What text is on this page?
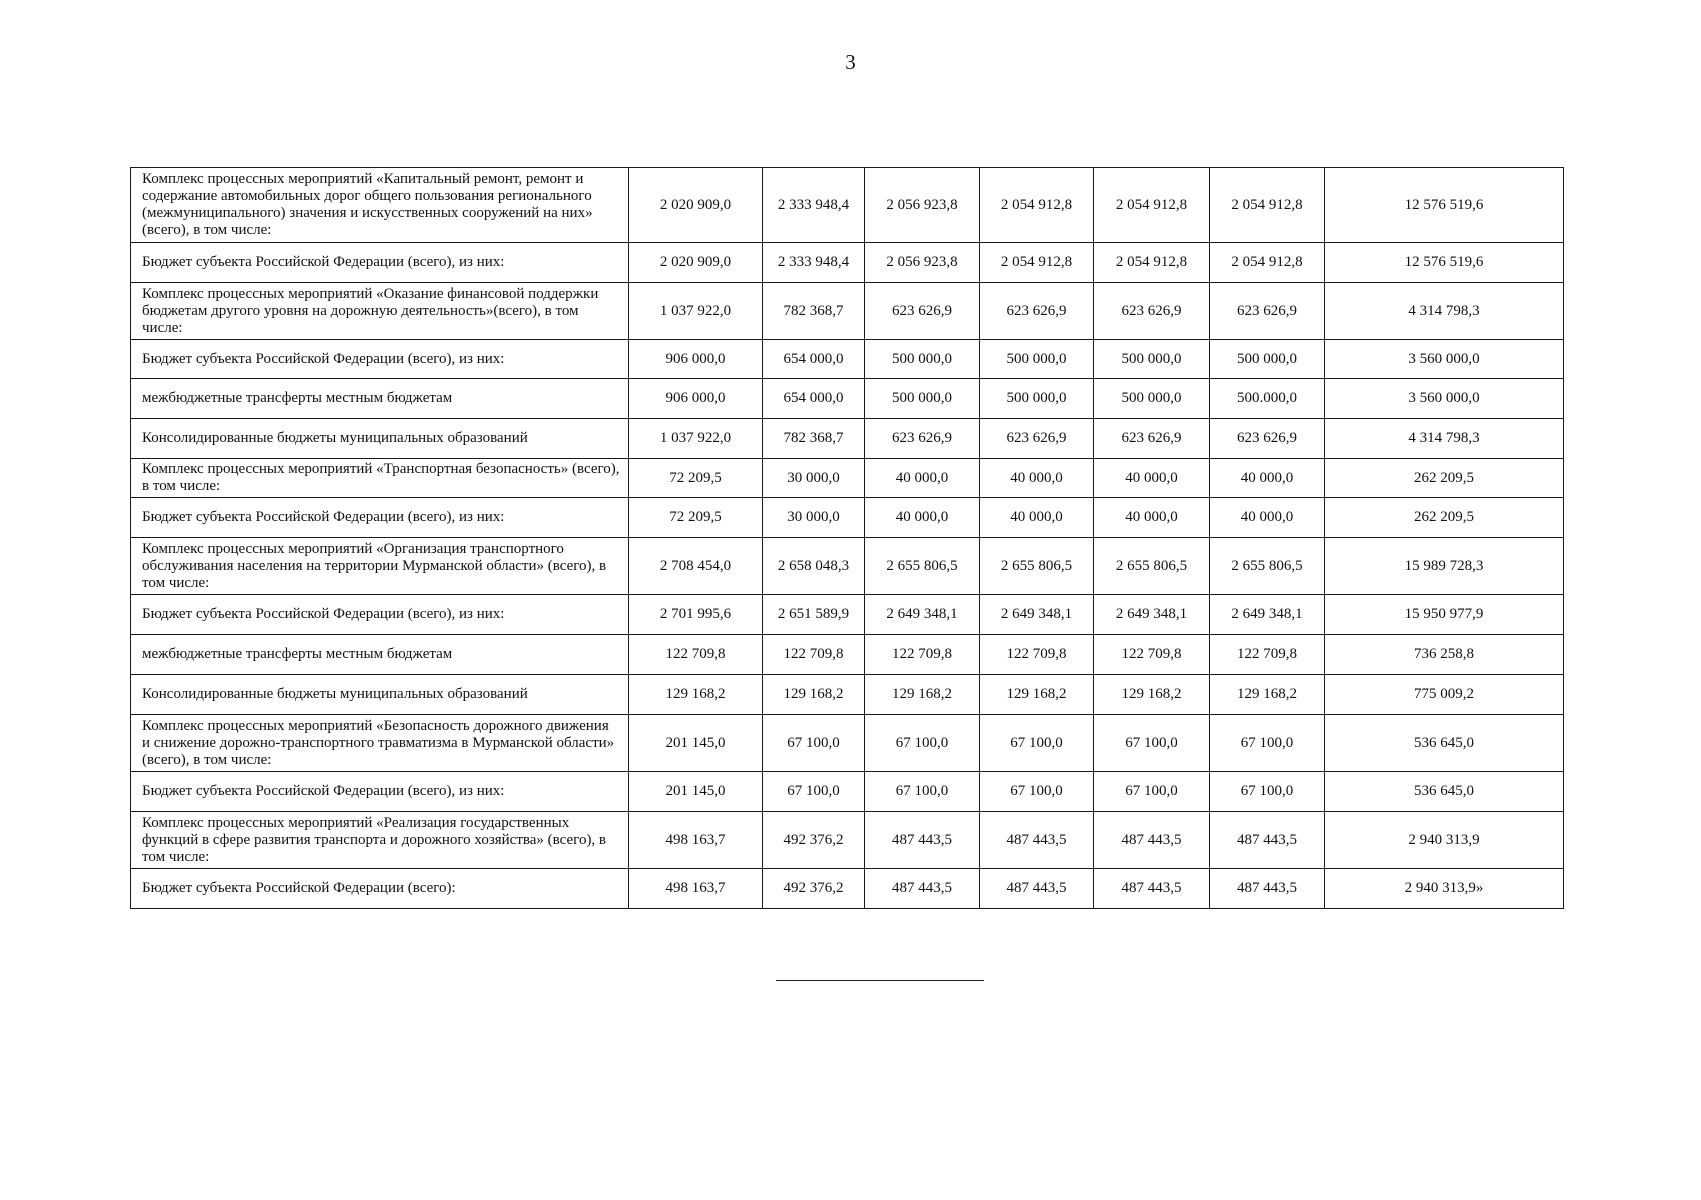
3
Комплекс процессных мероприятий «Капитальный ремонт, ремонт и содержание автомобильных дорог общего пользования регионального (межмуниципального) значения и искусственных сооружений на них» (всего), в том числе:	2 020 909,0	2 333 948,4	2 056 923,8	2 054 912,8	2 054 912,8	2 054 912,8	12 576 519,6
Бюджет субъекта Российской Федерации (всего), из них:	2 020 909,0	2 333 948,4	2 056 923,8	2 054 912,8	2 054 912,8	2 054 912,8	12 576 519,6
Комплекс процессных мероприятий «Оказание финансовой поддержки бюджетам другого уровня на дорожную деятельность»(всего), в том числе:	1 037 922,0	782 368,7	623 626,9	623 626,9	623 626,9	623 626,9	4 314 798,3
Бюджет субъекта Российской Федерации (всего), из них:	906 000,0	654 000,0	500 000,0	500 000,0	500 000,0	500 000,0	3 560 000,0
межбюджетные трансферты местным бюджетам	906 000,0	654 000,0	500 000,0	500 000,0	500 000,0	500.000,0	3 560 000,0
Консолидированные бюджеты муниципальных образований	1 037 922,0	782 368,7	623 626,9	623 626,9	623 626,9	623 626,9	4 314 798,3
Комплекс процессных мероприятий «Транспортная безопасность» (всего), в том числе:	72 209,5	30 000,0	40 000,0	40 000,0	40 000,0	40 000,0	262 209,5
Бюджет субъекта Российской Федерации (всего), из них:	72 209,5	30 000,0	40 000,0	40 000,0	40 000,0	40 000,0	262 209,5
Комплекс процессных мероприятий «Организация транспортного обслуживания населения на территории Мурманской области» (всего), в том числе:	2 708 454,0	2 658 048,3	2 655 806,5	2 655 806,5	2 655 806,5	2 655 806,5	15 989 728,3
Бюджет субъекта Российской Федерации (всего), из них:	2 701 995,6	2 651 589,9	2 649 348,1	2 649 348,1	2 649 348,1	2 649 348,1	15 950 977,9
межбюджетные трансферты местным бюджетам	122 709,8	122 709,8	122 709,8	122 709,8	122 709,8	122 709,8	736 258,8
Консолидированные бюджеты муниципальных образований	129 168,2	129 168,2	129 168,2	129 168,2	129 168,2	129 168,2	775 009,2
Комплекс процессных мероприятий «Безопасность дорожного движения и снижение дорожно-транспортного травматизма в Мурманской области» (всего), в том числе:	201 145,0	67 100,0	67 100,0	67 100,0	67 100,0	67 100,0	536 645,0
Бюджет субъекта Российской Федерации (всего), из них:	201 145,0	67 100,0	67 100,0	67 100,0	67 100,0	67 100,0	536 645,0
Комплекс процессных мероприятий «Реализация государственных функций в сфере развития транспорта и дорожного хозяйства» (всего), в том числе:	498 163,7	492 376,2	487 443,5	487 443,5	487 443,5	487 443,5	2 940 313,9
Бюджет субъекта Российской Федерации (всего):	498 163,7	492 376,2	487 443,5	487 443,5	487 443,5	487 443,5	2 940 313,9»
